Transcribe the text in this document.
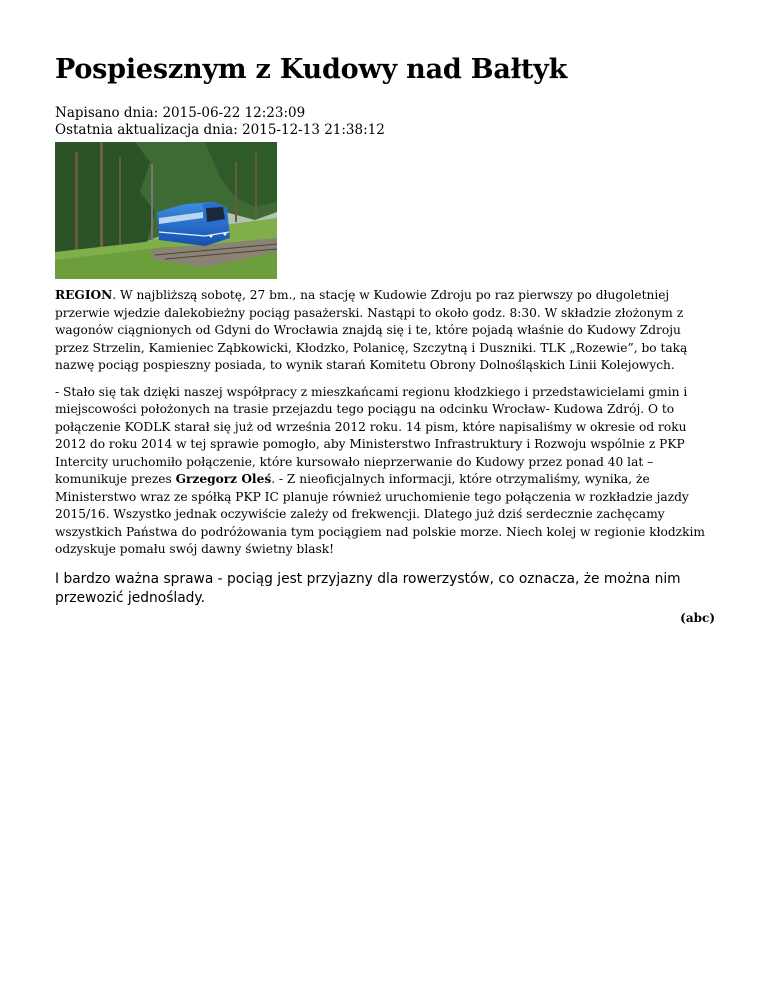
Pospiesznym z Kudowy nad Bałtyk
Napisano dnia: 2015-06-22 12:23:09
Ostatnia aktualizacja dnia: 2015-12-13 21:38:12

REGION. W najbliższą sobotę, 27 bm., na stację w Kudowie Zdroju po raz pierwszy po długoletniej przerwie wjedzie dalekobieżny pociąg pasażerski. Nastąpi to około godz. 8:30. W składzie złożonym z wagonów ciągnionych od Gdyni do Wrocławia znajdą się i te, które pojadą właśnie do Kudowy Zdroju przez Strzelin, Kamieniec Ząbkowicki, Kłodzko, Polanicę, Szczytną i Duszniki. TLK „Rozewie”, bo taką nazwę pociąg pospieszny posiada, to wynik starań Komitetu Obrony Dolnośląskich Linii Kolejowych.

- Stało się tak dzięki naszej współpracy z mieszkańcami regionu kłodzkiego i przedstawicielami gmin i miejscowości położonych na trasie przejazdu tego pociągu na odcinku Wrocław- Kudowa Zdrój. O to połączenie KODLK starał się już od września 2012 roku. 14 pism, które napisaliśmy w okresie od roku 2012 do roku 2014 w tej sprawie pomogło, aby Ministerstwo Infrastruktury i Rozwoju wspólnie z PKP Intercity uruchomiło połączenie, które kursowało nieprzerwanie do Kudowy przez ponad 40 lat – komunikuje prezes Grzegorz Oleś. - Z nieoficjalnych informacji, które otrzymaliśmy, wynika, że Ministerstwo wraz ze spółką PKP IC planuje również uruchomienie tego połączenia w rozkładzie jazdy 2015/16. Wszystko jednak oczywiście zależy od frekwencji. Dlatego już dziś serdecznie zachęcamy wszystkich Państwa do podróżowania tym pociągiem nad polskie morze. Niech kolej w regionie kłodzkim odzyskuje pomału swój dawny świetny blask!

I bardzo ważna sprawa - pociąg jest przyjazny dla rowerzystów, co oznacza, że można nim przewozić jednoślady.

(abc)
